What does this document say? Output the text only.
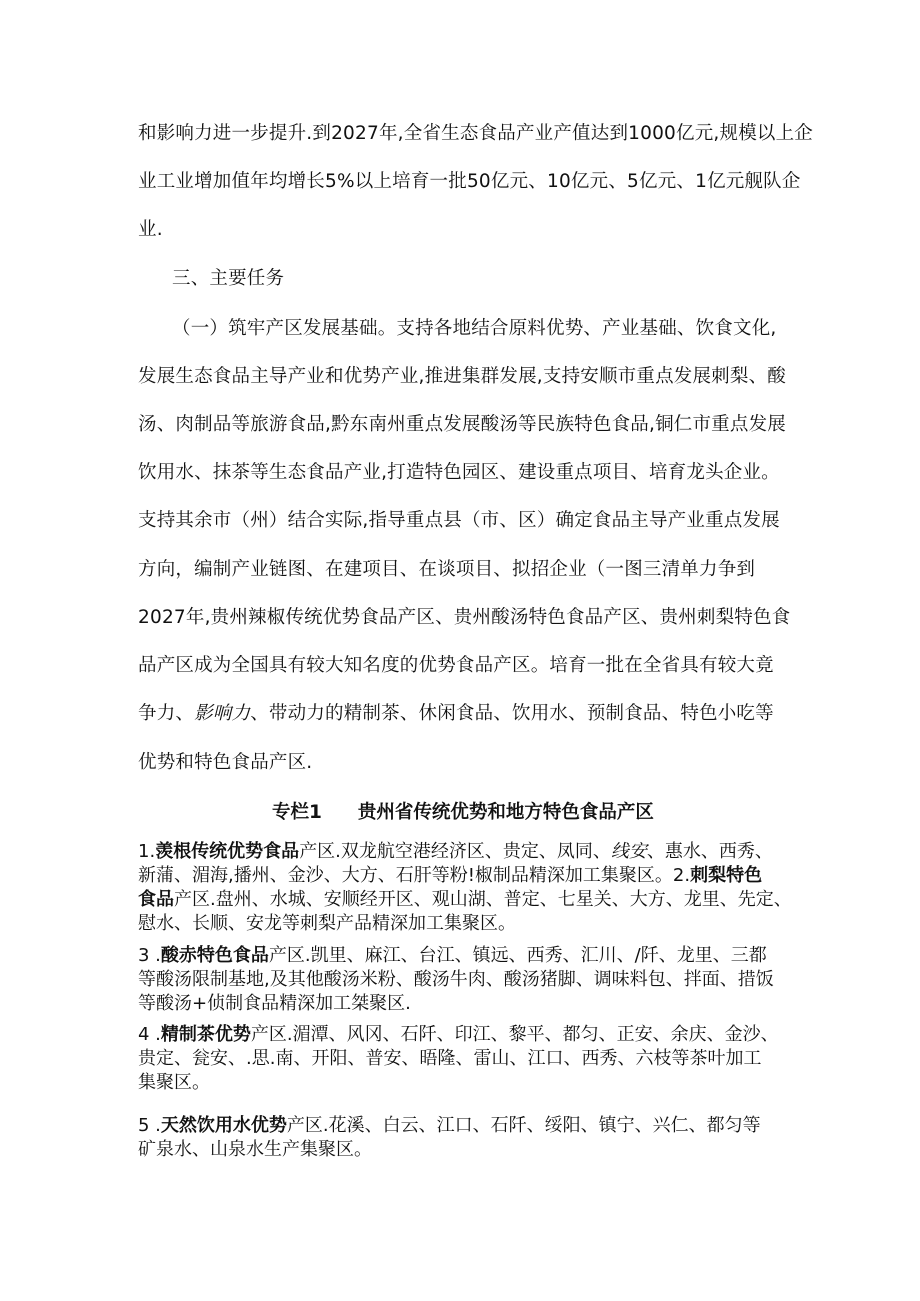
和影响力进一步提升.到2027年,全省生态食品产业产值达到1000亿元,规模以上企
业工业增加值年均增长5%以上培育一批50亿元、10亿元、5亿元、1亿元舰队企
业.
三、主要任务
（一）筑牢产区发展基础。支持各地结合原料优势、产业基础、饮食文化,
发展生态食品主导产业和优势产业,推进集群发展,支持安顺市重点发展刺梨、酸
汤、肉制品等旅游食品,黔东南州重点发展酸汤等民族特色食品,铜仁市重点发展
饮用水、抹茶等生态食品产业,打造特色园区、建设重点项目、培育龙头企业。
支持其余市（州）结合实际,指导重点县（市、区）确定食品主导产业重点发展
方向，编制产业链图、在建项目、在谈项目、拟招企业（一图三清单力争到
2027年,贵州辣椒传统优势食品产区、贵州酸汤特色食品产区、贵州刺梨特色食
品产区成为全国具有较大知名度的优势食品产区。培育一批在全省具有较大竟
争力、影响力、带动力的精制茶、休闲食品、饮用水、预制食品、特色小吃等
优势和特色食品产区.
专栏1 贵州省传统优势和地方特色食品产区
1.羡根传统优势食品产区.双龙航空港经济区、贵定、凤同、线安、惠水、西秀、
新蒲、湄海,播州、金沙、大方、石肝等粉!椒制品精深加工集聚区。2.刺梨特色
食品产区.盘州、水城、安顺经开区、观山湖、普定、七星关、大方、龙里、先定、
慰水、长顺、安龙等刺梨产品精深加工集聚区。
3 .酸赤特色食品产区.凯里、麻江、台江、镇远、西秀、汇川、/阡、龙里、三都
等酸汤限制基地,及其他酸汤米粉、酸汤牛肉、酸汤猪脚、调味料包、拌面、措饭
等酸汤+侦制食品精深加工桀聚区.
4 .精制茶优势产区.湄潭、风冈、石阡、印江、黎平、都匀、正安、余庆、金沙、
贵定、瓮安、.思.南、开阳、普安、晤隆、雷山、江口、西秀、六枝等茶叶加工
集聚区。
5 .天然饮用水优势产区.花溪、白云、江口、石阡、绥阳、镇宁、兴仁、都匀等
矿泉水、山泉水生产集聚区。
